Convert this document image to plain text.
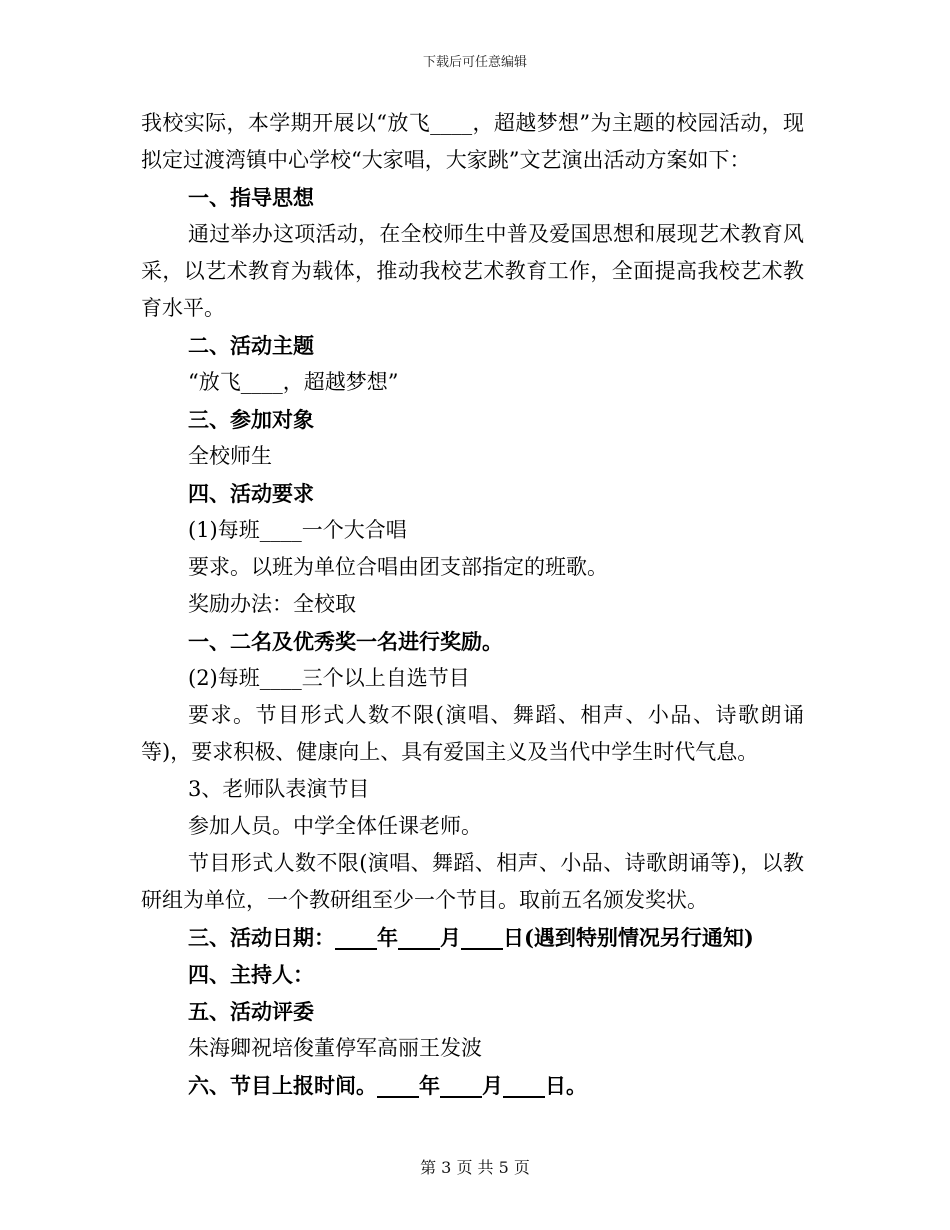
下载后可任意编辑

我校实际，本学期开展以“放飞____，超越梦想”为主题的校园活动，现拟定过渡湾镇中心学校“大家唱，大家跳”文艺演出活动方案如下：

一、指导思想

通过举办这项活动，在全校师生中普及爱国思想和展现艺术教育风采，以艺术教育为载体，推动我校艺术教育工作，全面提高我校艺术教育水平。

二、活动主题

“放飞____，超越梦想”

三、参加对象

全校师生

四、活动要求

(1)每班____一个大合唱

要求。以班为单位合唱由团支部指定的班歌。

奖励办法：全校取

一、二名及优秀奖一名进行奖励。

(2)每班____三个以上自选节目

要求。节目形式人数不限(演唱、舞蹈、相声、小品、诗歌朗诵等)，要求积极、健康向上、具有爱国主义及当代中学生时代气息。

3、老师队表演节目

参加人员。中学全体任课老师。

节目形式人数不限(演唱、舞蹈、相声、小品、诗歌朗诵等)，以教研组为单位，一个教研组至少一个节目。取前五名颁发奖状。

三、活动日期：____年____月____日(遇到特别情况另行通知)

四、主持人：

五、活动评委

朱海卿祝培俊董停军高丽王发波

六、节目上报时间。____年____月____日。

第 3 页 共 5 页
